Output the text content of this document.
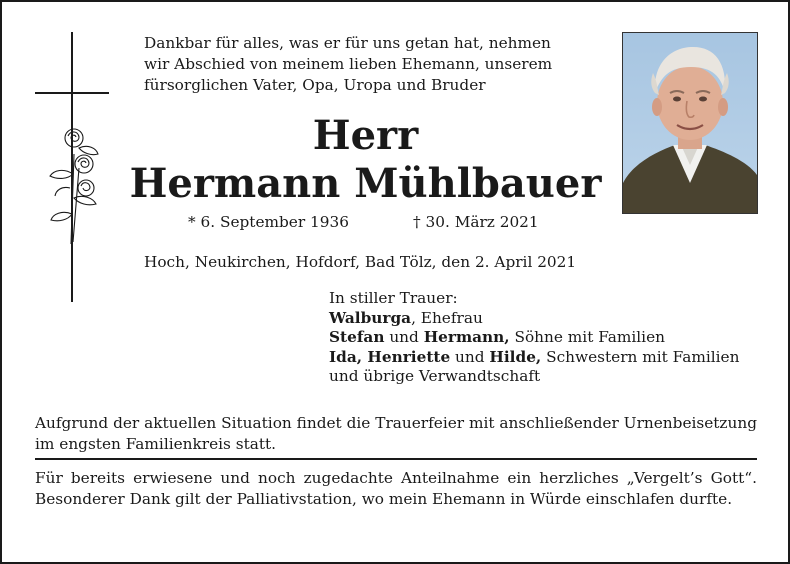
Dankbar für alles, was er für uns getan hat, nehmen
wir Abschied von meinem lieben Ehemann, unserem
fürsorglichen Vater, Opa, Uropa und Bruder
Herr
Hermann Mühlbauer
* 6. September 1936	† 30. März 2021
Hoch, Neukirchen, Hofdorf, Bad Tölz, den 2. April 2021
In stiller Trauer:
Walburga, Ehefrau
Stefan und Hermann, Söhne mit Familien
Ida, Henriette und Hilde, Schwestern mit Familien
und übrige Verwandtschaft
Aufgrund der aktuellen Situation findet die Trauerfeier mit anschließender Urnenbeisetzung im engsten Familienkreis statt.
Für bereits erwiesene und noch zugedachte Anteilnahme ein herzliches „Vergelt’s Gott“. Besonderer Dank gilt der Palliativstation, wo mein Ehemann in Würde einschlafen durfte.
